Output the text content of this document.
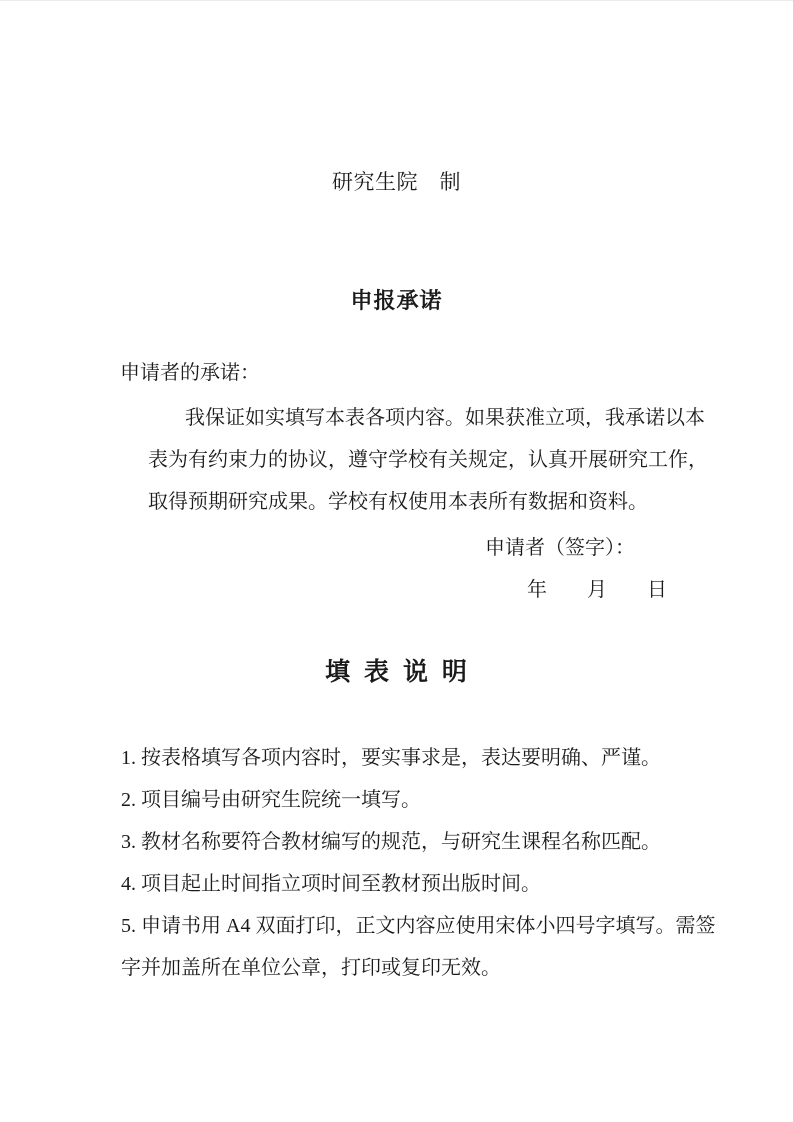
研究生院　制
申报承诺
申请者的承诺：
我保证如实填写本表各项内容。如果获准立项，我承诺以本
表为有约束力的协议，遵守学校有关规定，认真开展研究工作，
取得预期研究成果。学校有权使用本表所有数据和资料。
申请者（签字）：
年　　月　　日
填 表 说 明
1. 按表格填写各项内容时，要实事求是，表达要明确、严谨。
2. 项目编号由研究生院统一填写。
3. 教材名称要符合教材编写的规范，与研究生课程名称匹配。
4. 项目起止时间指立项时间至教材预出版时间。
5. 申请书用 A4 双面打印，正文内容应使用宋体小四号字填写。需签
字并加盖所在单位公章，打印或复印无效。
